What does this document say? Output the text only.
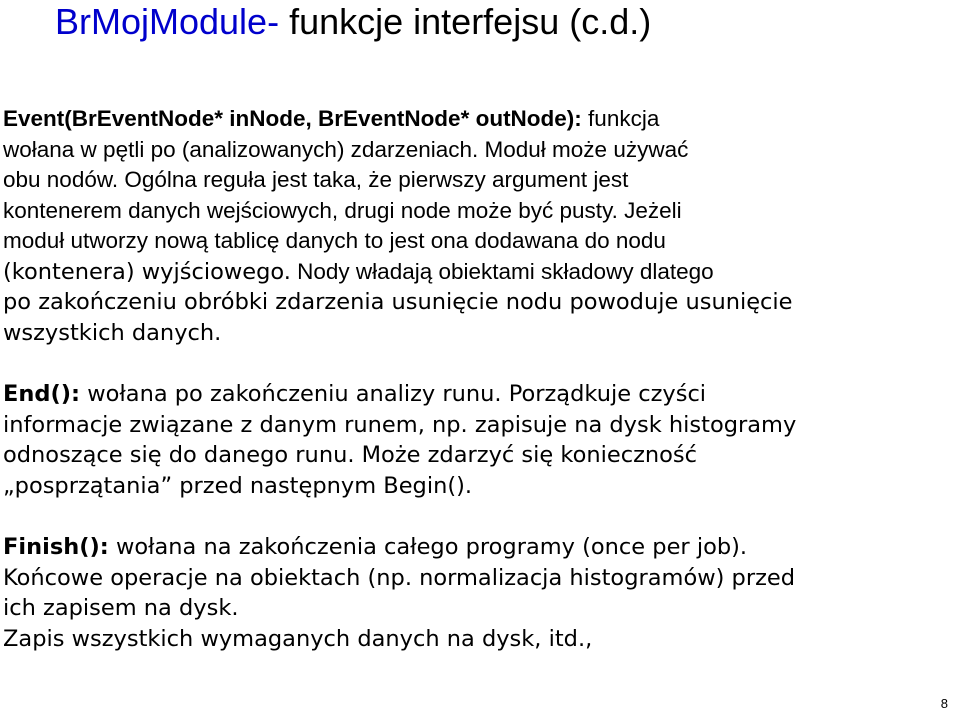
BrMojModule- funkcje interfejsu (c.d.)

Event(BrEventNode* inNode, BrEventNode* outNode): funkcja
wołana w pętli po (analizowanych) zdarzeniach. Moduł może używać
obu nodów. Ogólna reguła jest taka, że pierwszy argument jest
kontenerem danych wejściowych, drugi node może być pusty. Jeżeli
moduł utworzy nową tablicę danych to jest ona dodawana do nodu
(kontenera) wyjściowego. Nody władają obiektami składowy dlatego
po zakończeniu obróbki zdarzenia usunięcie nodu powoduje usunięcie
wszystkich danych.

End(): wołana po zakończeniu analizy runu. Porządkuje czyści
informacje związane z danym runem, np. zapisuje na dysk histogramy
odnoszące się do danego runu. Może zdarzyć się konieczność
„posprzątania” przed następnym Begin().

Finish(): wołana na zakończenia całego programy (once per job).
Końcowe operacje na obiektach (np. normalizacja histogramów) przed
ich zapisem na dysk.
Zapis wszystkich wymaganych danych na dysk, itd.,

8
